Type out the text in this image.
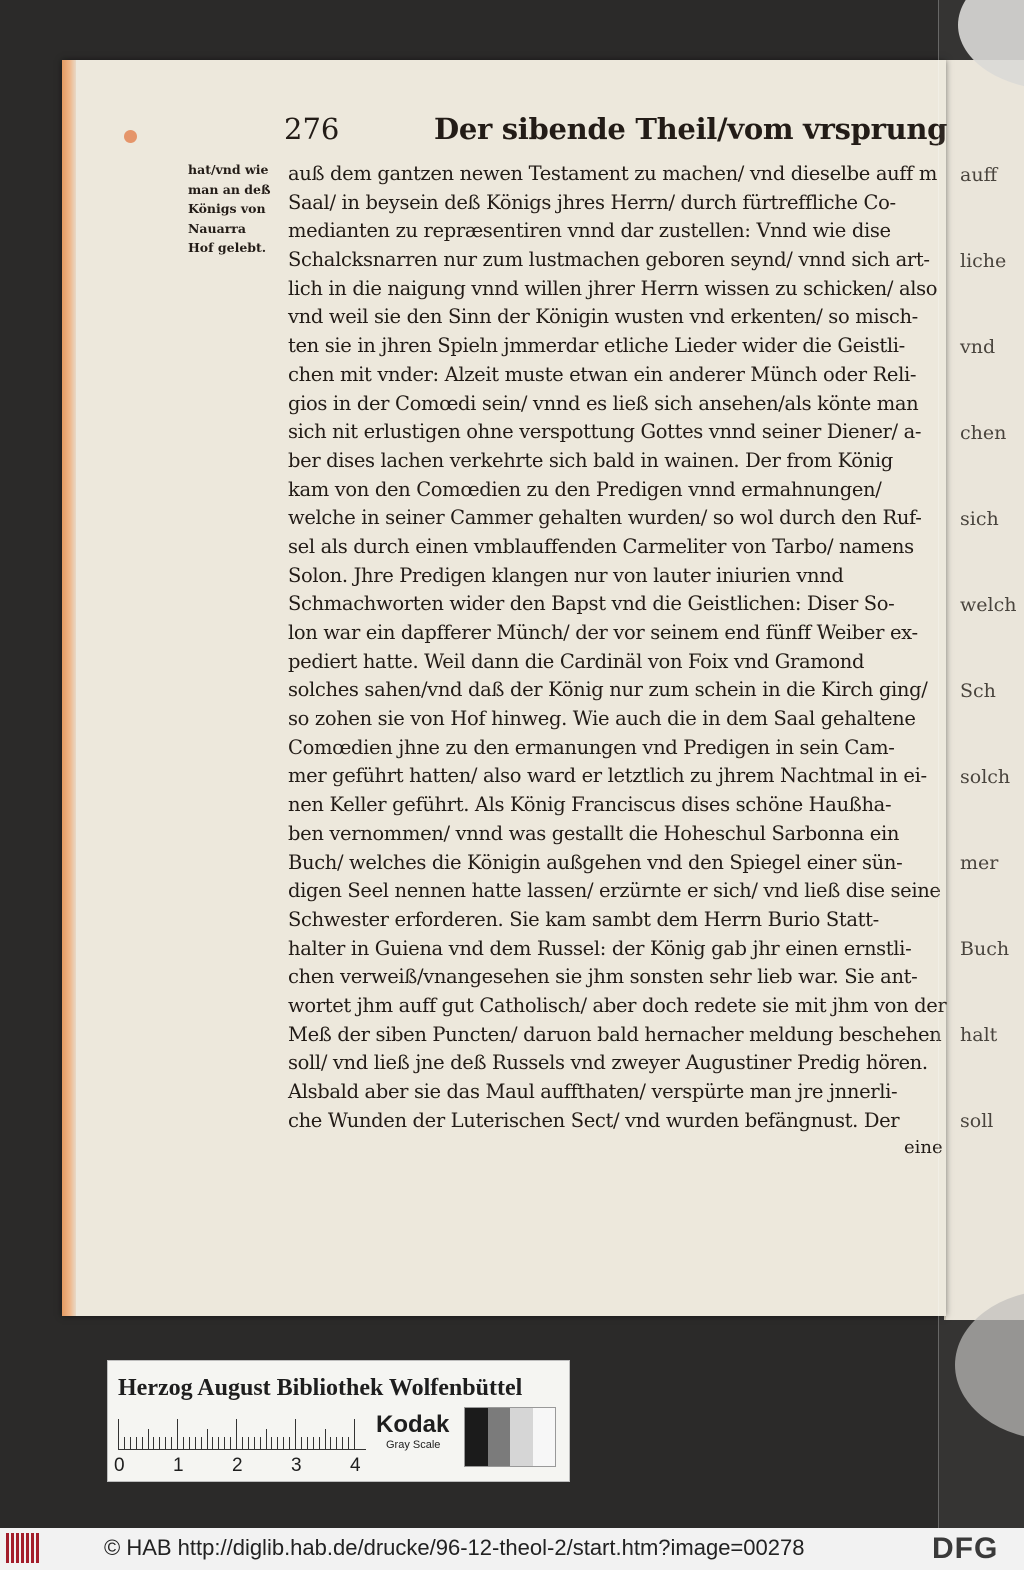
auff
liche
vnd
chen
sich
welch
Sch
solch
mer
Buch
halt
soll
276	Der sibende Theil/vom vrsprung
hat/vnd wie
man an deß
Königs von
Nauarra
Hof gelebt.
auß dem gantzen newen Testament zu machen/ vnd dieselbe auff m
Saal/ in beysein deß Königs jhres Herrn/ durch fürtreffliche Co-
medianten zu repræsentiren vnnd dar zustellen: Vnnd wie dise
Schalcksnarren nur zum lustmachen geboren seynd/ vnnd sich art-
lich in die naigung vnnd willen jhrer Herrn wissen zu schicken/ also
vnd weil sie den Sinn der Königin wusten vnd erkenten/ so misch-
ten sie in jhren Spieln jmmerdar etliche Lieder wider die Geistli-
chen mit vnder: Alzeit muste etwan ein anderer Münch oder Reli-
gios in der Comœdi sein/ vnnd es ließ sich ansehen/als könte man
sich nit erlustigen ohne verspottung Gottes vnnd seiner Diener/ a-
ber dises lachen verkehrte sich bald in wainen. Der from König
kam von den Comœdien zu den Predigen vnnd ermahnungen/
welche in seiner Cammer gehalten wurden/ so wol durch den Ruf-
sel als durch einen vmblauffenden Carmeliter von Tarbo/ namens
Solon. Jhre Predigen klangen nur von lauter iniurien vnnd
Schmachworten wider den Bapst vnd die Geistlichen: Diser So-
lon war ein dapfferer Münch/ der vor seinem end fünff Weiber ex-
pediert hatte. Weil dann die Cardinäl von Foix vnd Gramond
solches sahen/vnd daß der König nur zum schein in die Kirch ging/
so zohen sie von Hof hinweg. Wie auch die in dem Saal gehaltene
Comœdien jhne zu den ermanungen vnd Predigen in sein Cam-
mer geführt hatten/ also ward er letztlich zu jhrem Nachtmal in ei-
nen Keller geführt. Als König Franciscus dises schöne Haußha-
ben vernommen/ vnnd was gestallt die Hoheschul Sarbonna ein
Buch/ welches die Königin außgehen vnd den Spiegel einer sün-
digen Seel nennen hatte lassen/ erzürnte er sich/ vnd ließ dise seine
Schwester erforderen. Sie kam sambt dem Herrn Burio Statt-
halter in Guiena vnd dem Russel: der König gab jhr einen ernstli-
chen verweiß/vnangesehen sie jhm sonsten sehr lieb war. Sie ant-
wortet jhm auff gut Catholisch/ aber doch redete sie mit jhm von der
Meß der siben Puncten/ daruon bald hernacher meldung beschehen
soll/ vnd ließ jne deß Russels vnd zweyer Augustiner Predig hören.
Alsbald aber sie das Maul auffthaten/ verspürte man jre jnnerli-
che Wunden der Luterischen Sect/ vnd wurden befängnust. Der
eine
Herzog August Bibliothek Wolfenbüttel
0	1	2	3	4
Kodak
Gray Scale
© HAB http://diglib.hab.de/drucke/96-12-theol-2/start.htm?image=00278	DFG
